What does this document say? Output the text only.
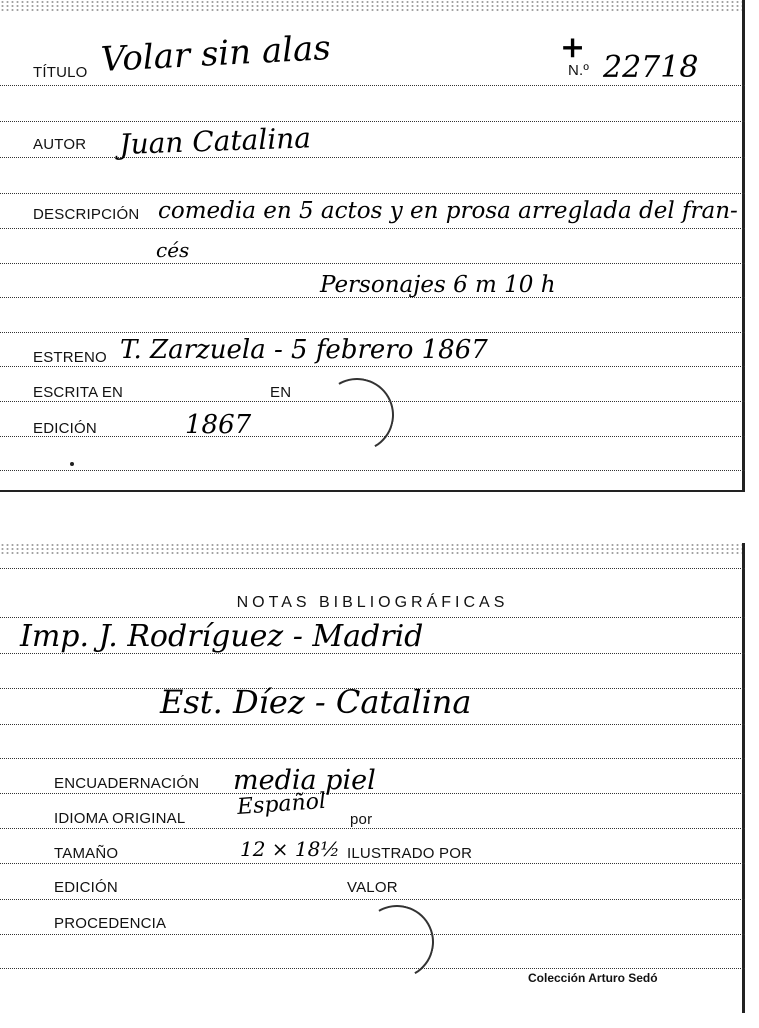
TÍTULO Volar sin alas	+
N.º 22718
AUTOR Juan Catalina
DESCRIPCIÓN comedia en 5 actos y en prosa arreglada del fran-
cés
Personajes 6 m 10 h
ESTRENO T. Zarzuela - 5 febrero 1867
ESCRITA EN	EN
EDICIÓN	1867
NOTAS BIBLIOGRÁFICAS
Imp. J. Rodríguez - Madrid
Est. Díez - Catalina
ENCUADERNACIÓN media piel
IDIOMA ORIGINAL Español por
TAMAÑO	12 × 18½ ILUSTRADO POR
EDICIÓN	VALOR
PROCEDENCIA
Colección Arturo Sedó
